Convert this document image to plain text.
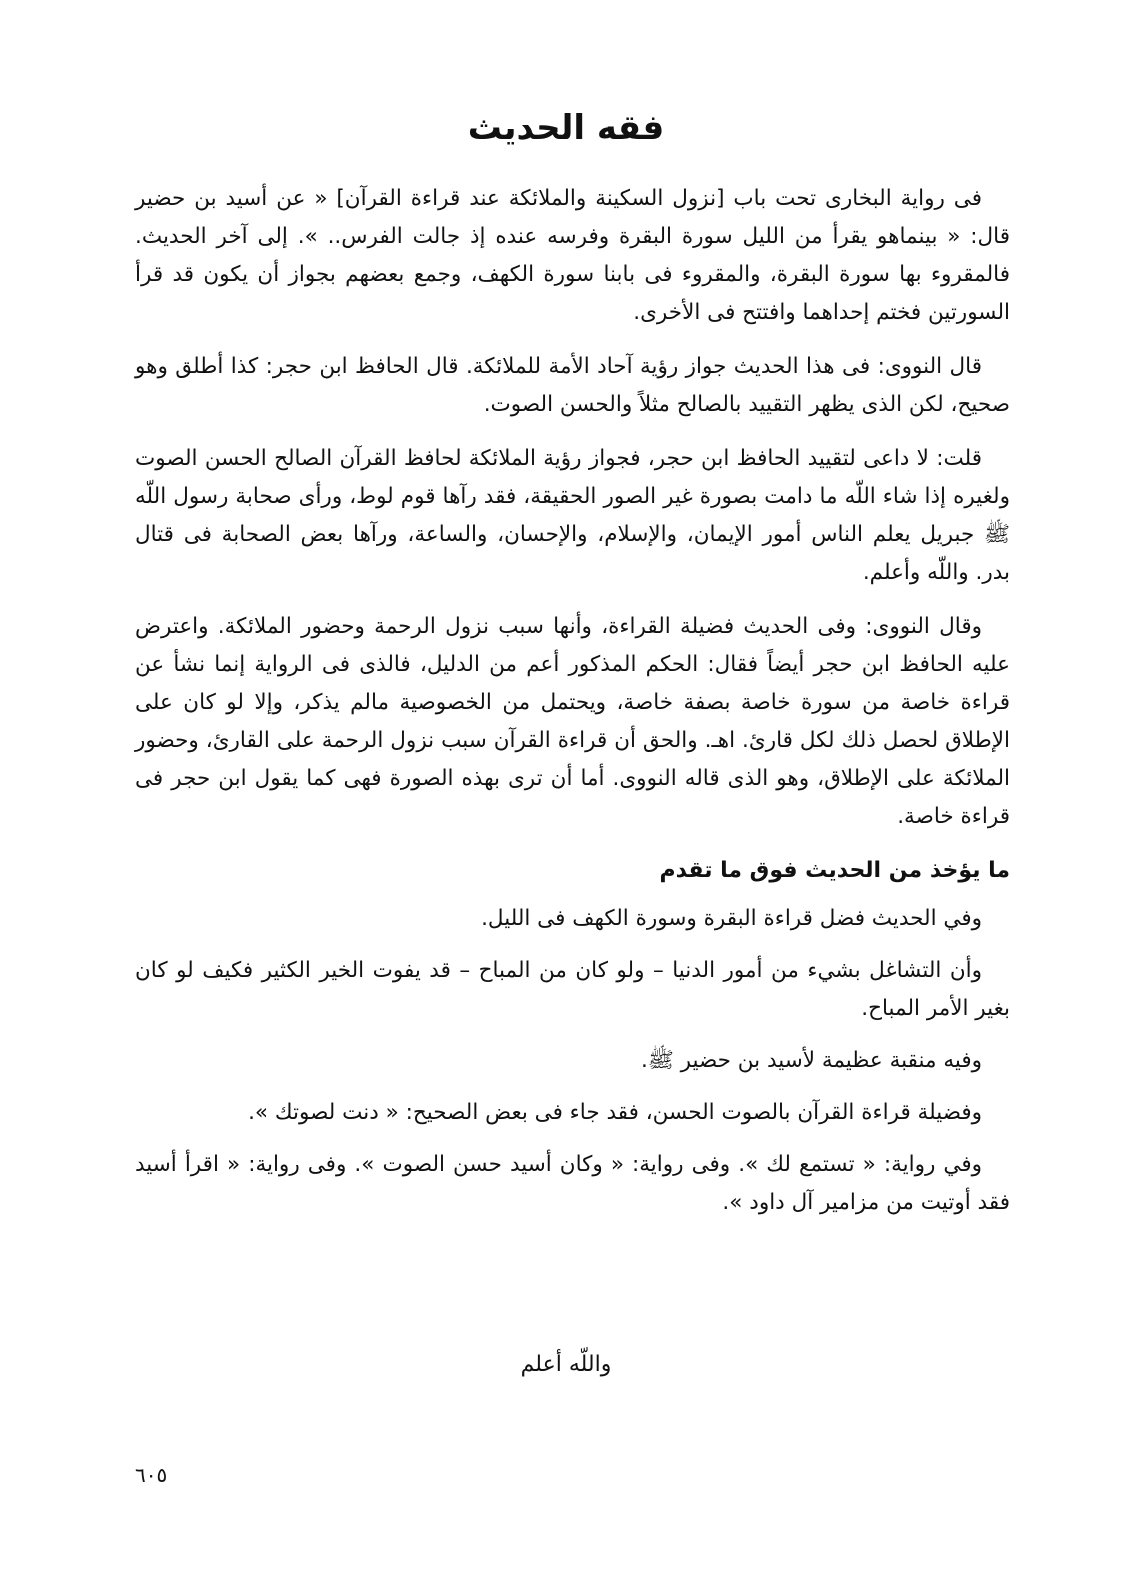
فقه الحديث

فى رواية البخارى تحت باب [نزول السكينة والملائكة عند قراءة القرآن] « عن أسيد بن حضير قال: « بينماهو يقرأ من الليل سورة البقرة وفرسه عنده إذ جالت الفرس.. ». إلى آخر الحديث. فالمقروء بها سورة البقرة، والمقروء فى بابنا سورة الكهف، وجمع بعضهم بجواز أن يكون قد قرأ السورتين فختم إحداهما وافتتح فى الأخرى.

قال النووى: فى هذا الحديث جواز رؤية آحاد الأمة للملائكة. قال الحافظ ابن حجر: كذا أطلق وهو صحيح، لكن الذى يظهر التقييد بالصالح مثلاً والحسن الصوت.

قلت: لا داعى لتقييد الحافظ ابن حجر، فجواز رؤية الملائكة لحافظ القرآن الصالح الحسن الصوت ولغيره إذا شاء اللّه ما دامت بصورة غير الصور الحقيقة، فقد رآها قوم لوط، ورأى صحابة رسول اللّه ﷺ جبريل يعلم الناس أمور الإيمان، والإسلام، والإحسان، والساعة، ورآها بعض الصحابة فى قتال بدر. واللّه وأعلم.

وقال النووى: وفى الحديث فضيلة القراءة، وأنها سبب نزول الرحمة وحضور الملائكة. واعترض عليه الحافظ ابن حجر أيضاً فقال: الحكم المذكور أعم من الدليل، فالذى فى الرواية إنما نشأ عن قراءة خاصة من سورة خاصة بصفة خاصة، ويحتمل من الخصوصية مالم يذكر، وإلا لو كان على الإطلاق لحصل ذلك لكل قارئ. اهـ. والحق أن قراءة القرآن سبب نزول الرحمة على القارئ، وحضور الملائكة على الإطلاق، وهو الذى قاله النووى. أما أن ترى بهذه الصورة فهى كما يقول ابن حجر فى قراءة خاصة.

ما يؤخذ من الحديث فوق ما تقدم

وفي الحديث فضل قراءة البقرة وسورة الكهف فى الليل.

وأن التشاغل بشيء من أمور الدنيا – ولو كان من المباح – قد يفوت الخير الكثير فكيف لو كان بغير الأمر المباح.

وفيه منقبة عظيمة لأسيد بن حضير ﷺ.

وفضيلة قراءة القرآن بالصوت الحسن، فقد جاء فى بعض الصحيح: « دنت لصوتك ».

وفي رواية: « تستمع لك ». وفى رواية: « وكان أسيد حسن الصوت ». وفى رواية: « اقرأ أسيد فقد أوتيت من مزامير آل داود ».

واللّه أعلم
٦٠٥
